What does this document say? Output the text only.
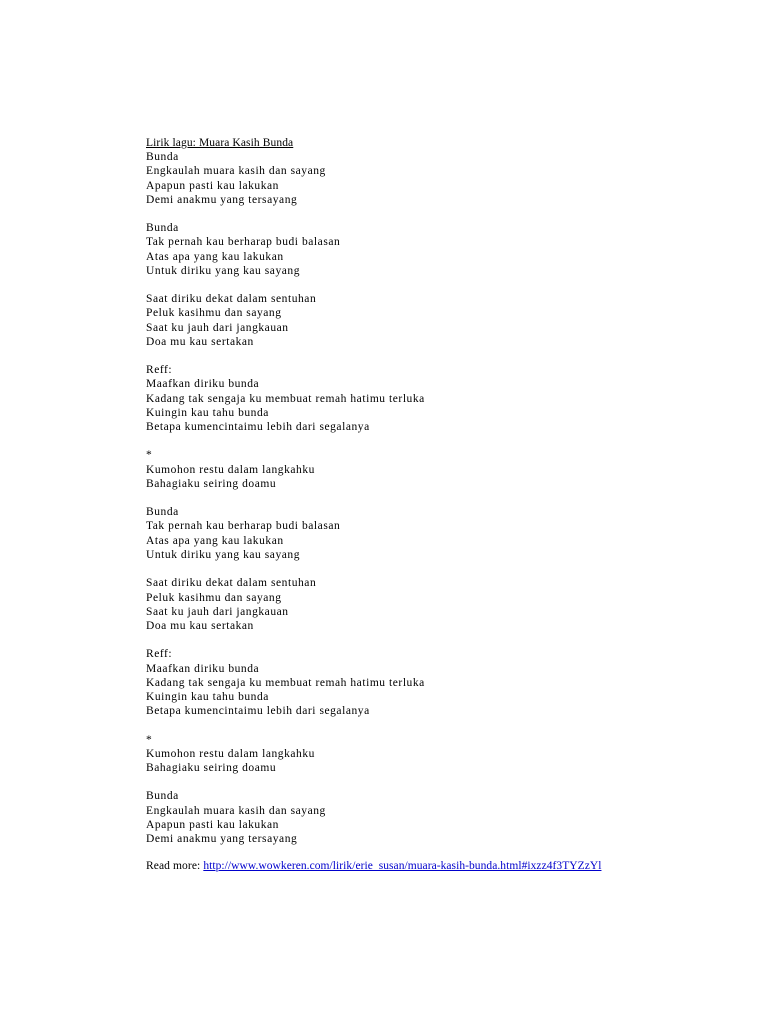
Lirik lagu: Muara Kasih Bunda
Bunda
Engkaulah muara kasih dan sayang
Apapun pasti kau lakukan
Demi anakmu yang tersayang

Bunda
Tak pernah kau berharap budi balasan
Atas apa yang kau lakukan
Untuk diriku yang kau sayang

Saat diriku dekat dalam sentuhan
Peluk kasihmu dan sayang
Saat ku jauh dari jangkauan
Doa mu kau sertakan

Reff:
Maafkan diriku bunda
Kadang tak sengaja ku membuat remah hatimu terluka
Kuingin kau tahu bunda
Betapa kumencintaimu lebih dari segalanya

*
Kumohon restu dalam langkahku
Bahagiaku seiring doamu

Bunda
Tak pernah kau berharap budi balasan
Atas apa yang kau lakukan
Untuk diriku yang kau sayang

Saat diriku dekat dalam sentuhan
Peluk kasihmu dan sayang
Saat ku jauh dari jangkauan
Doa mu kau sertakan

Reff:
Maafkan diriku bunda
Kadang tak sengaja ku membuat remah hatimu terluka
Kuingin kau tahu bunda
Betapa kumencintaimu lebih dari segalanya

*
Kumohon restu dalam langkahku
Bahagiaku seiring doamu

Bunda
Engkaulah muara kasih dan sayang
Apapun pasti kau lakukan
Demi anakmu yang tersayang
Read more: http://www.wowkeren.com/lirik/erie_susan/muara-kasih-bunda.html#ixzz4f3TYZzYl
